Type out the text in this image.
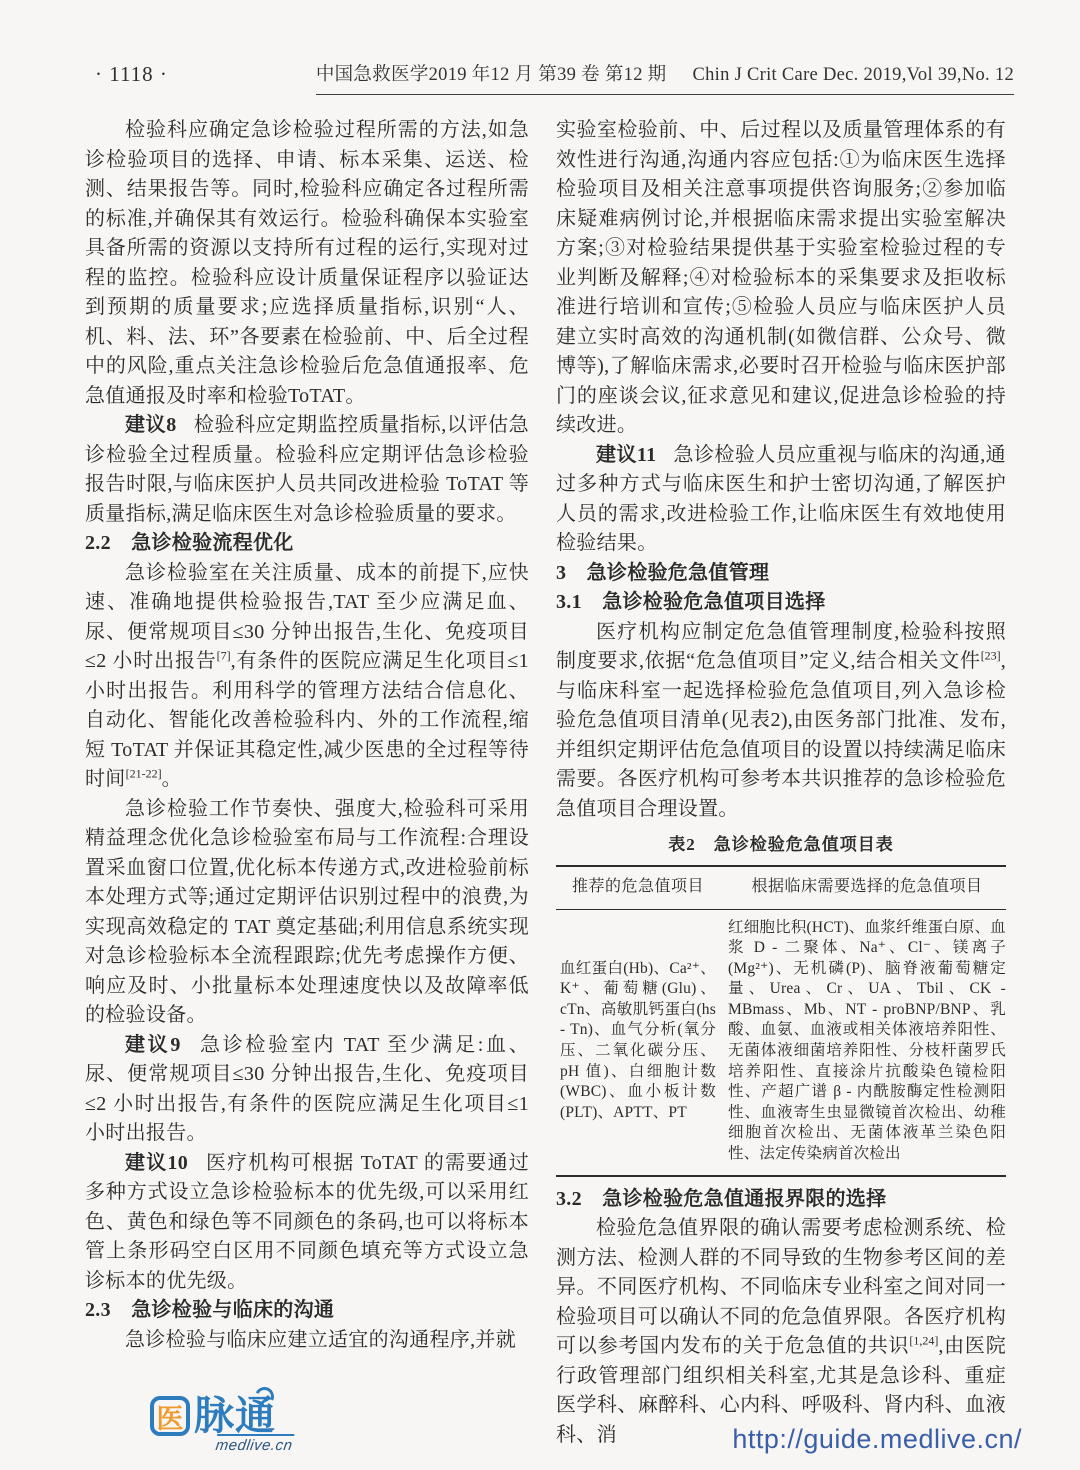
· 1118 ·	中国急救医学2019 年12 月 第39 卷 第12 期 Chin J Crit Care Dec. 2019,Vol 39,No. 12

检验科应确定急诊检验过程所需的方法,如急诊检验项目的选择、申请、标本采集、运送、检测、结果报告等。同时,检验科应确定各过程所需的标准,并确保其有效运行。检验科确保本实验室具备所需的资源以支持所有过程的运行,实现对过程的监控。检验科应设计质量保证程序以验证达到预期的质量要求;应选择质量指标,识别“人、机、料、法、环”各要素在检验前、中、后全过程中的风险,重点关注急诊检验后危急值通报率、危急值通报及时率和检验ToTAT。

建议8 检验科应定期监控质量指标,以评估急诊检验全过程质量。检验科应定期评估急诊检验报告时限,与临床医护人员共同改进检验 ToTAT 等质量指标,满足临床医生对急诊检验质量的要求。

2.2　急诊检验流程优化

急诊检验室在关注质量、成本的前提下,应快速、准确地提供检验报告,TAT 至少应满足血、尿、便常规项目≤30 分钟出报告,生化、免疫项目≤2 小时出报告[7],有条件的医院应满足生化项目≤1 小时出报告。利用科学的管理方法结合信息化、自动化、智能化改善检验科内、外的工作流程,缩短 ToTAT 并保证其稳定性,减少医患的全过程等待时间[21-22]。

急诊检验工作节奏快、强度大,检验科可采用精益理念优化急诊检验室布局与工作流程:合理设置采血窗口位置,优化标本传递方式,改进检验前标本处理方式等;通过定期评估识别过程中的浪费,为实现高效稳定的 TAT 奠定基础;利用信息系统实现对急诊检验标本全流程跟踪;优先考虑操作方便、响应及时、小批量标本处理速度快以及故障率低的检验设备。

建议9 急诊检验室内 TAT 至少满足:血、尿、便常规项目≤30 分钟出报告,生化、免疫项目≤2 小时出报告,有条件的医院应满足生化项目≤1 小时出报告。

建议10 医疗机构可根据 ToTAT 的需要通过多种方式设立急诊检验标本的优先级,可以采用红色、黄色和绿色等不同颜色的条码,也可以将标本管上条形码空白区用不同颜色填充等方式设立急诊标本的优先级。

2.3　急诊检验与临床的沟通

急诊检验与临床应建立适宜的沟通程序,并就

实验室检验前、中、后过程以及质量管理体系的有效性进行沟通,沟通内容应包括:①为临床医生选择检验项目及相关注意事项提供咨询服务;②参加临床疑难病例讨论,并根据临床需求提出实验室解决方案;③对检验结果提供基于实验室检验过程的专业判断及解释;④对检验标本的采集要求及拒收标准进行培训和宣传;⑤检验人员应与临床医护人员建立实时高效的沟通机制(如微信群、公众号、微博等),了解临床需求,必要时召开检验与临床医护部门的座谈会议,征求意见和建议,促进急诊检验的持续改进。

建议11 急诊检验人员应重视与临床的沟通,通过多种方式与临床医生和护士密切沟通,了解医护人员的需求,改进检验工作,让临床医生有效地使用检验结果。

3　急诊检验危急值管理
3.1　急诊检验危急值项目选择

医疗机构应制定危急值管理制度,检验科按照制度要求,依据“危急值项目”定义,结合相关文件[23],与临床科室一起选择检验危急值项目,列入急诊检验危急值项目清单(见表2),由医务部门批准、发布,并组织定期评估危急值项目的设置以持续满足临床需要。各医疗机构可参考本共识推荐的急诊检验危急值项目合理设置。

表2　急诊检验危急值项目表
推荐的危急值项目	根据临床需要选择的危急值项目
血红蛋白(Hb)、Ca²⁺、K⁺、葡萄糖(Glu)、cTn、高敏肌钙蛋白(hs - Tn)、血气分析(氧分压、二氧化碳分压、pH 值)、白细胞计数(WBC)、血小板计数(PLT)、APTT、PT	红细胞比积(HCT)、血浆纤维蛋白原、血浆 D - 二聚体、Na⁺、Cl⁻、镁离子(Mg²⁺)、无机磷(P)、脑脊液葡萄糖定量、Urea、Cr、UA、Tbil、CK - MBmass、Mb、NT - proBNP/BNP、乳酸、血氨、血液或相关体液培养阳性、无菌体液细菌培养阳性、分枝杆菌罗氏培养阳性、直接涂片抗酸染色镜检阳性、产超广谱 β - 内酰胺酶定性检测阳性、血液寄生虫显微镜首次检出、幼稚细胞首次检出、无菌体液革兰染色阳性、法定传染病首次检出
3.2　急诊检验危急值通报界限的选择

检验危急值界限的确认需要考虑检测系统、检测方法、检测人群的不同导致的生物参考区间的差异。不同医疗机构、不同临床专业科室之间对同一检验项目可以确认不同的危急值界限。各医疗机构可以参考国内发布的关于危急值的共识[1,24],由医院行政管理部门组织相关科室,尤其是急诊科、重症医学科、麻醉科、心内科、呼吸科、肾内科、血液科、消

医 脉通
medlive.cn	http://guide.medlive.cn/
